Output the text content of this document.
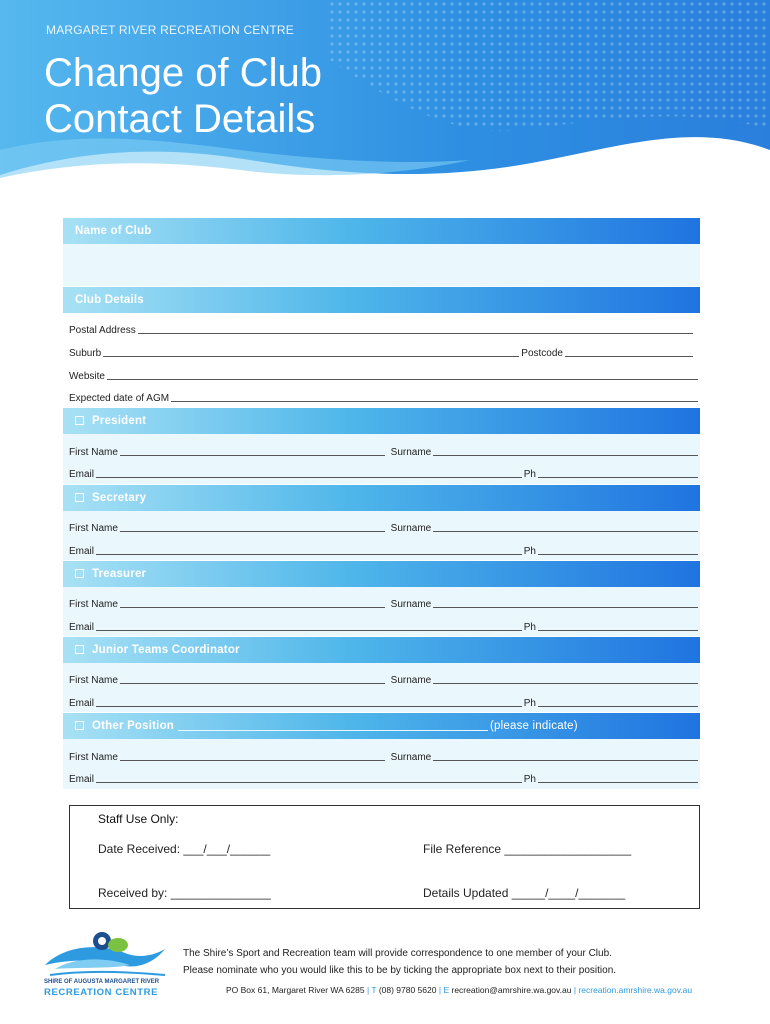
MARGARET RIVER RECREATION CENTRE
Change of Club
Contact Details
Name of Club
Club Details
Postal Address
Suburb	Postcode
Website
Expected date of AGM
President
First Name	Surname
Email	Ph
Secretary
First Name	Surname
Email	Ph
Treasurer
First Name	Surname
Email	Ph
Junior Teams Coordinator
First Name	Surname
Email	Ph
Other Position	(please indicate)
First Name	Surname
Email	Ph
Staff Use Only:
Date Received: ___/___/______	File Reference ___________________
Received by: _______________	Details Updated _____/____/_______
SHIRE OF AUGUSTA MARGARET RIVER
RECREATION CENTRE
The Shire’s Sport and Recreation team will provide correspondence to one member of your Club.
Please nominate who you would like this to be by ticking the appropriate box next to their position.
PO Box 61, Margaret River WA 6285 | T (08) 9780 5620 | E recreation@amrshire.wa.gov.au | recreation.amrshire.wa.gov.au
